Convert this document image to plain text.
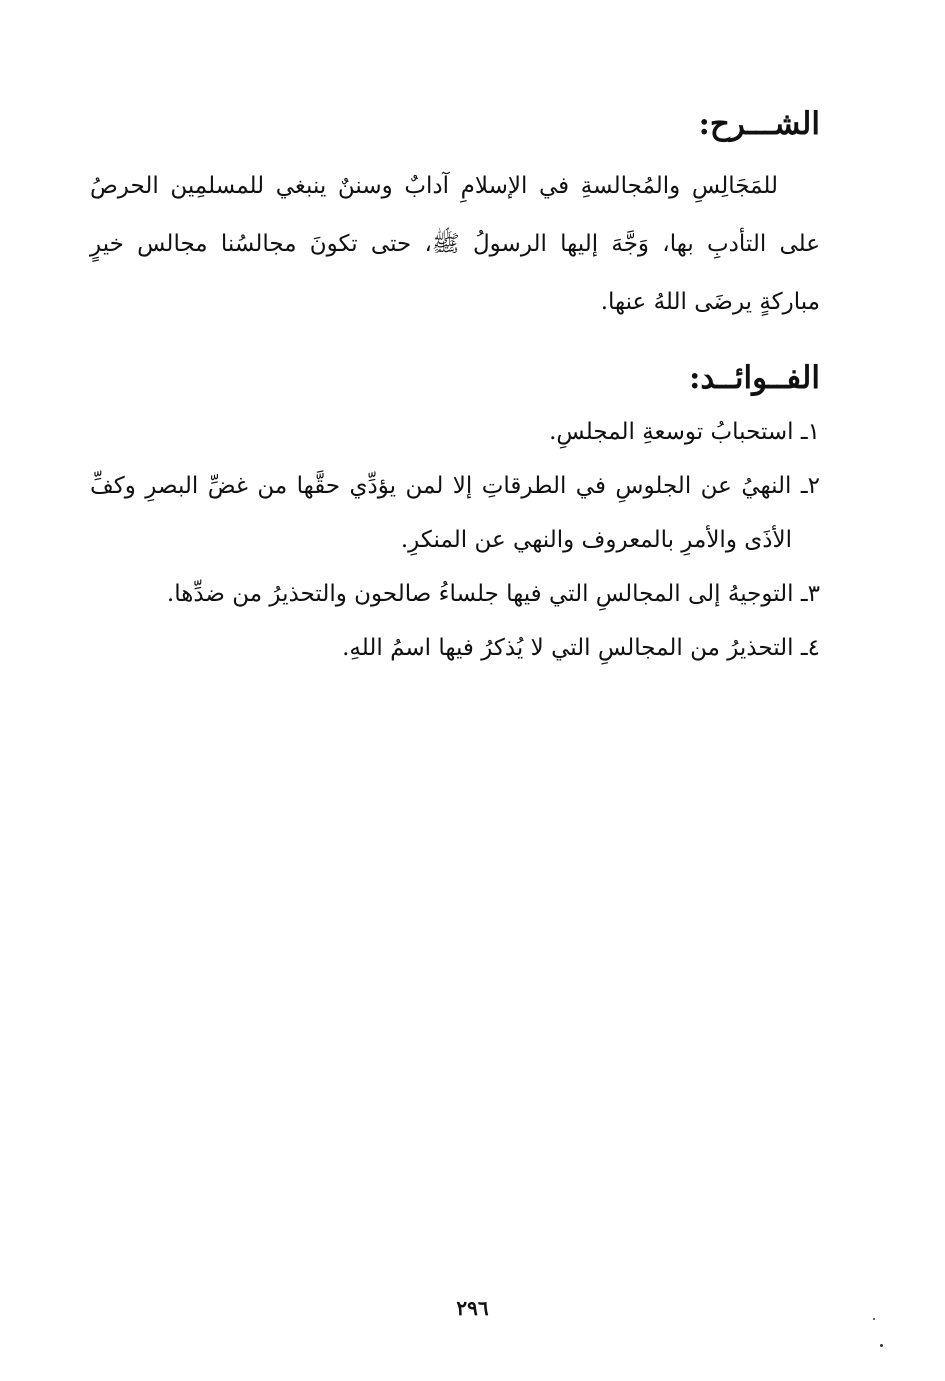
الشـــرح:

للمَجَالِسِ والمُجالسةِ في الإسلامِ آدابٌ وسننٌ ينبغي للمسلمِين الحرصُ على التأدبِ بها، وَجَّهَ إليها الرسولُ ﷺ، حتى تكونَ مجالسُنا مجالس خيرٍ مباركةٍ يرضَى اللهُ عنها.

الفــوائــد:
١ـ استحبابُ توسعةِ المجلسِ.
٢ـ النهيُ عن الجلوسِ في الطرقاتِ إلا لمن يؤدِّي حقَّها من غضِّ البصرِ وكفِّ الأذَى والأمرِ بالمعروف والنهي عن المنكرِ.
٣ـ التوجيهُ إلى المجالسِ التي فيها جلساءُ صالحون والتحذيرُ من ضدِّها.
٤ـ التحذيرُ من المجالسِ التي لا يُذكرُ فيها اسمُ اللهِ.
٢٩٦
